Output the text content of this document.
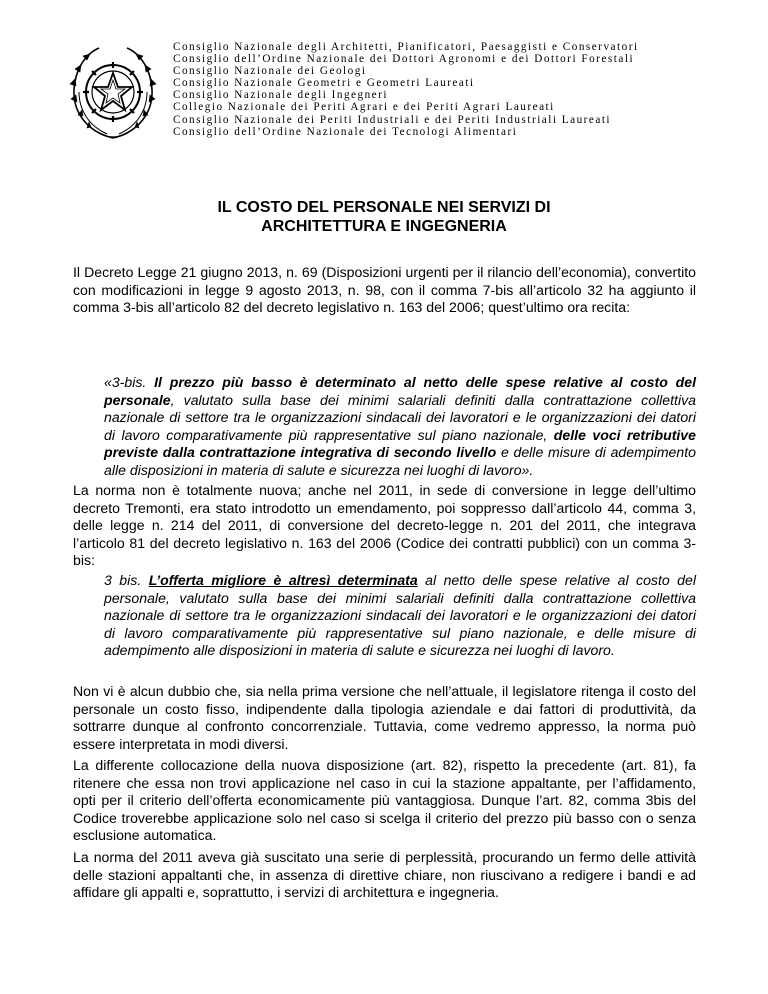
Consiglio Nazionale degli Architetti, Pianificatori, Paesaggisti e Conservatori
Consiglio dell’Ordine Nazionale dei Dottori Agronomi e dei Dottori Forestali
Consiglio Nazionale dei Geologi
Consiglio Nazionale Geometri e Geometri Laureati
Consiglio Nazionale degli Ingegneri
Collegio Nazionale dei Periti Agrari e dei Periti Agrari Laureati
Consiglio Nazionale dei Periti Industriali e dei Periti Industriali Laureati
Consiglio dell’Ordine Nazionale dei Tecnologi Alimentari
IL COSTO DEL PERSONALE NEI SERVIZI DI
ARCHITETTURA E INGEGNERIA

Il Decreto Legge 21 giugno 2013, n. 69 (Disposizioni urgenti per il rilancio dell’economia), convertito con modificazioni in legge 9 agosto 2013, n. 98, con il comma 7-bis all’articolo 32 ha aggiunto il comma 3-bis all’articolo 82 del decreto legislativo n. 163 del 2006; quest’ultimo ora recita:

«3-bis. Il prezzo più basso è determinato al netto delle spese relative al costo del personale, valutato sulla base dei minimi salariali definiti dalla contrattazione collettiva nazionale di settore tra le organizzazioni sindacali dei lavoratori e le organizzazioni dei datori di lavoro comparativamente più rappresentative sul piano nazionale, delle voci retributive previste dalla contrattazione integrativa di secondo livello e delle misure di adempimento alle disposizioni in materia di salute e sicurezza nei luoghi di lavoro».

La norma non è totalmente nuova; anche nel 2011, in sede di conversione in legge dell’ultimo decreto Tremonti, era stato introdotto un emendamento, poi soppresso dall’articolo 44, comma 3, delle legge n. 214 del 2011, di conversione del decreto-legge n. 201 del 2011, che integrava l’articolo 81 del decreto legislativo n. 163 del 2006 (Codice dei contratti pubblici) con un comma 3-bis:

3 bis. L’offerta migliore è altresì determinata al netto delle spese relative al costo del personale, valutato sulla base dei minimi salariali definiti dalla contrattazione collettiva nazionale di settore tra le organizzazioni sindacali dei lavoratori e le organizzazioni dei datori di lavoro comparativamente più rappresentative sul piano nazionale, e delle misure di adempimento alle disposizioni in materia di salute e sicurezza nei luoghi di lavoro.

Non vi è alcun dubbio che, sia nella prima versione che nell’attuale, il legislatore ritenga il costo del personale un costo fisso, indipendente dalla tipologia aziendale e dai fattori di produttività, da sottrarre dunque al confronto concorrenziale. Tuttavia, come vedremo appresso, la norma può essere interpretata in modi diversi.

La differente collocazione della nuova disposizione (art. 82), rispetto la precedente (art. 81), fa ritenere che essa non trovi applicazione nel caso in cui la stazione appaltante, per l’affidamento, opti per il criterio dell’offerta economicamente più vantaggiosa. Dunque l’art. 82, comma 3bis del Codice troverebbe applicazione solo nel caso si scelga il criterio del prezzo più basso con o senza esclusione automatica.

La norma del 2011 aveva già suscitato una serie di perplessità, procurando un fermo delle attività delle stazioni appaltanti che, in assenza di direttive chiare, non riuscivano a redigere i bandi e ad affidare gli appalti e, soprattutto, i servizi di architettura e ingegneria.
